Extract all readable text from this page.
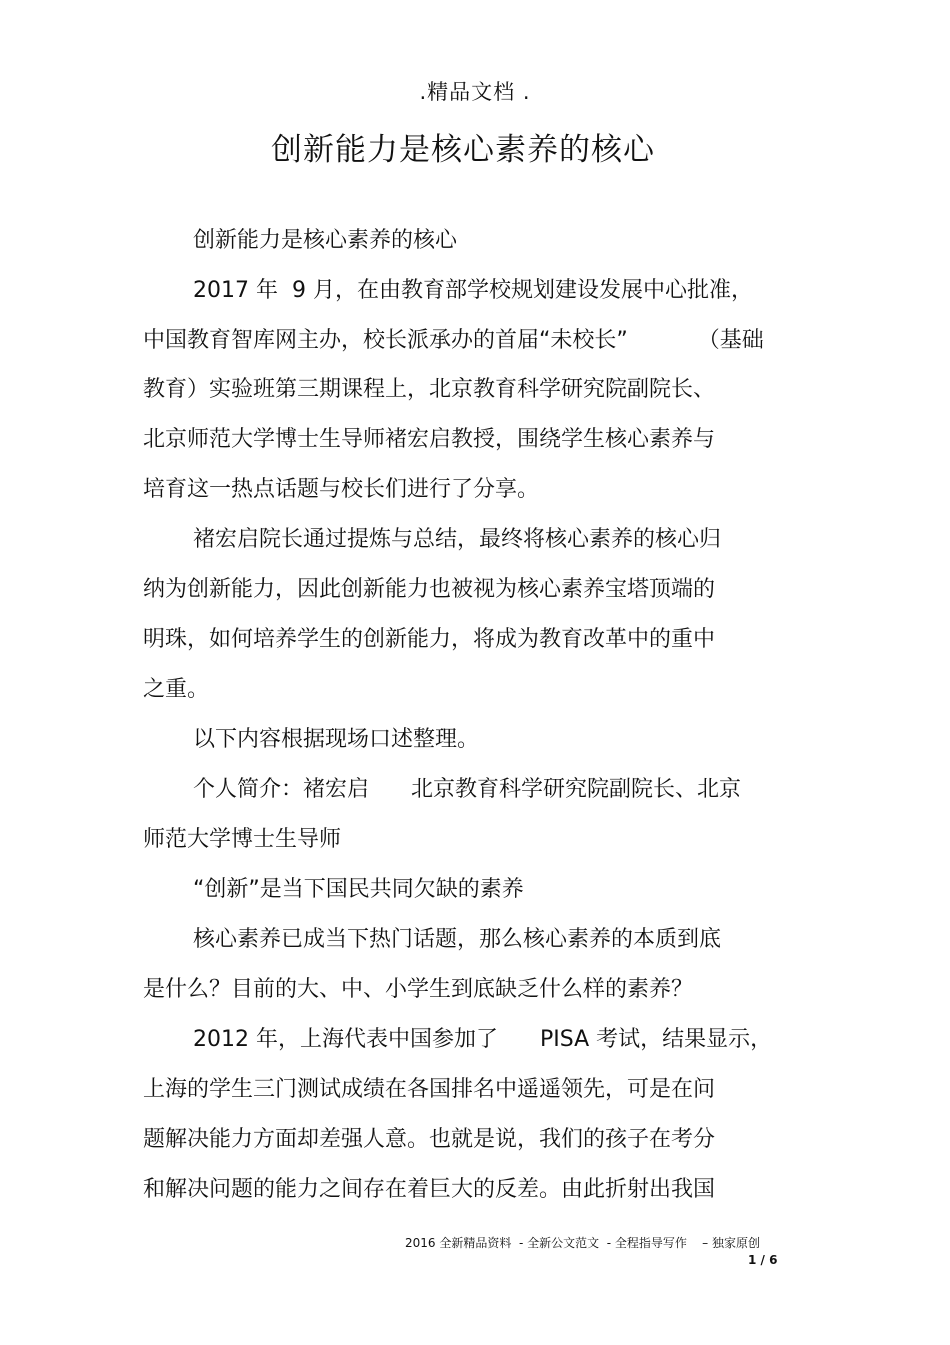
.精品文档 .
创新能力是核心素养的核心
创新能力是核心素养的核心
2017 年  9 月，在由教育部学校规划建设发展中心批准，
中国教育智库网主办，校长派承办的首届“未校长”          （基础
教育）实验班第三期课程上，北京教育科学研究院副院长、
北京师范大学博士生导师褚宏启教授，围绕学生核心素养与
培育这一热点话题与校长们进行了分享。
褚宏启院长通过提炼与总结，最终将核心素养的核心归
纳为创新能力，因此创新能力也被视为核心素养宝塔顶端的
明珠，如何培养学生的创新能力，将成为教育改革中的重中
之重。
以下内容根据现场口述整理。
个人简介：褚宏启      北京教育科学研究院副院长、北京
师范大学博士生导师
“创新”是当下国民共同欠缺的素养
核心素养已成当下热门话题，那么核心素养的本质到底
是什么？目前的大、中、小学生到底缺乏什么样的素养？
2012 年，上海代表中国参加了      PISA 考试，结果显示，
上海的学生三门测试成绩在各国排名中遥遥领先，可是在问
题解决能力方面却差强人意。也就是说，我们的孩子在考分
和解决问题的能力之间存在着巨大的反差。由此折射出我国
2016 全新精品资料  - 全新公文范文  - 全程指导写作    – 独家原创
1 / 6
